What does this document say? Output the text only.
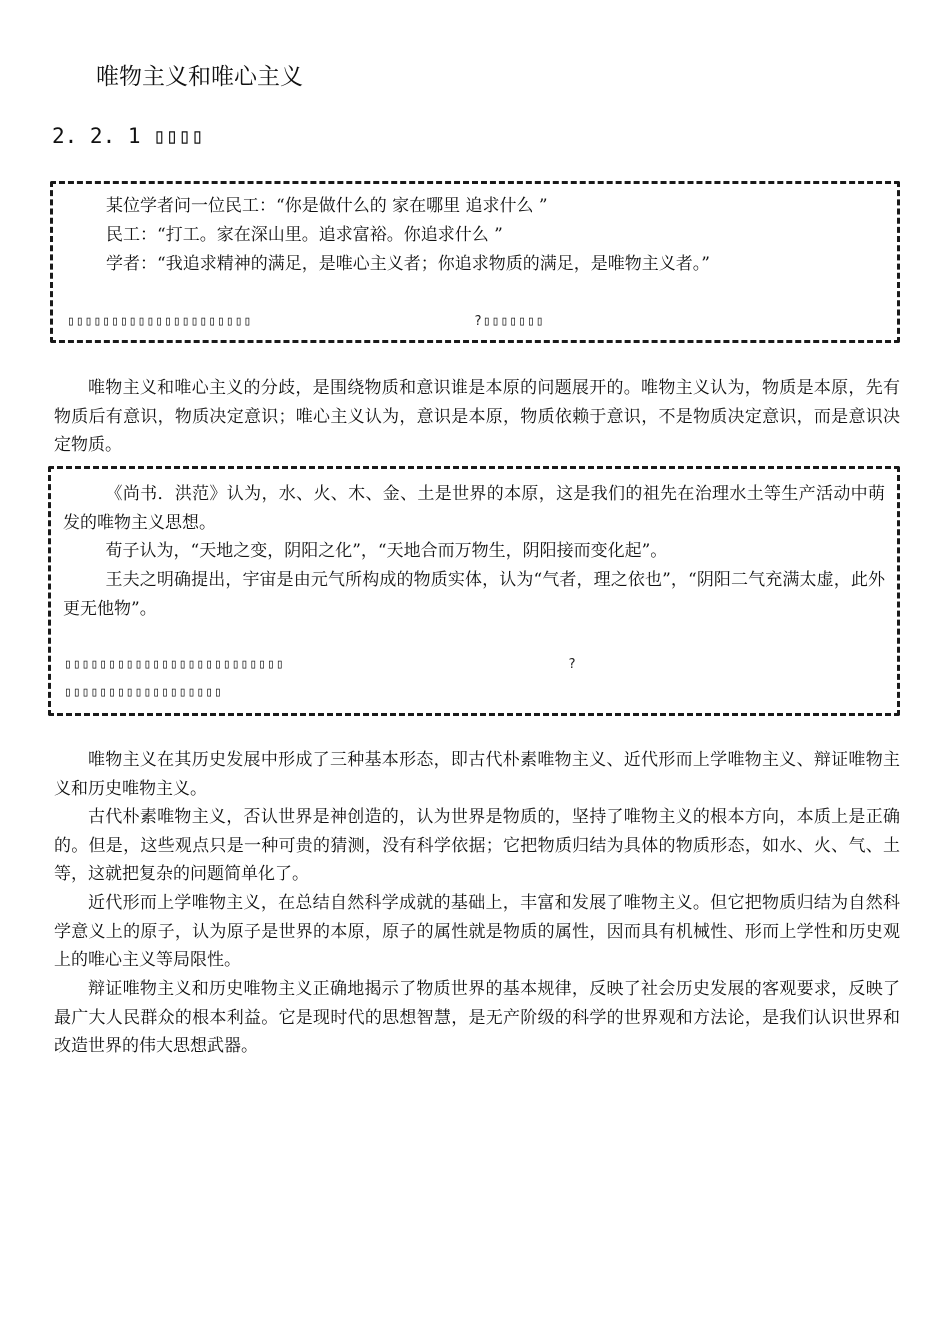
唯物主义和唯心主义
2. 2. 1 ▯▯▯▯
某位学者问一位民工：“你是做什么的 家在哪里 追求什么 ”
民工：“打工。家在深山里。追求富裕。你追求什么 ”
学者：“我追求精神的满足，是唯心主义者；你追求物质的满足，是唯物主义者。”
▯▯▯▯▯▯▯▯▯▯▯▯▯▯▯▯▯▯▯▯▯	?▯▯▯▯▯▯▯

唯物主义和唯心主义的分歧，是围绕物质和意识谁是本原的问题展开的。唯物主义认为，物质是本原，先有物质后有意识，物质决定意识；唯心主义认为，意识是本原，物质依赖于意识，不是物质决定意识，而是意识决定物质。

《尚书．洪范》认为，水、火、木、金、土是世界的本原，这是我们的祖先在治理水土等生产活动中萌发的唯物主义思想。

荀子认为，“天地之变，阴阳之化”，“天地合而万物生，阴阳接而变化起”。

王夫之明确提出，宇宙是由元气所构成的物质实体，认为“气者，理之依也”，“阴阳二气充满太虚，此外更无他物”。

▯▯▯▯▯▯▯▯▯▯▯▯▯▯▯▯▯▯▯▯▯▯▯▯▯	?
▯▯▯▯▯▯▯▯▯▯▯▯▯▯▯▯▯▯

唯物主义在其历史发展中形成了三种基本形态，即古代朴素唯物主义、近代形而上学唯物主义、辩证唯物主义和历史唯物主义。

古代朴素唯物主义，否认世界是神创造的，认为世界是物质的，坚持了唯物主义的根本方向，本质上是正确的。但是，这些观点只是一种可贵的猜测，没有科学依据；它把物质归结为具体的物质形态，如水、火、气、土等，这就把复杂的问题简单化了。

近代形而上学唯物主义，在总结自然科学成就的基础上，丰富和发展了唯物主义。但它把物质归结为自然科学意义上的原子，认为原子是世界的本原，原子的属性就是物质的属性，因而具有机械性、形而上学性和历史观上的唯心主义等局限性。

辩证唯物主义和历史唯物主义正确地揭示了物质世界的基本规律，反映了社会历史发展的客观要求，反映了最广大人民群众的根本利益。它是现时代的思想智慧，是无产阶级的科学的世界观和方法论，是我们认识世界和改造世界的伟大思想武器。
